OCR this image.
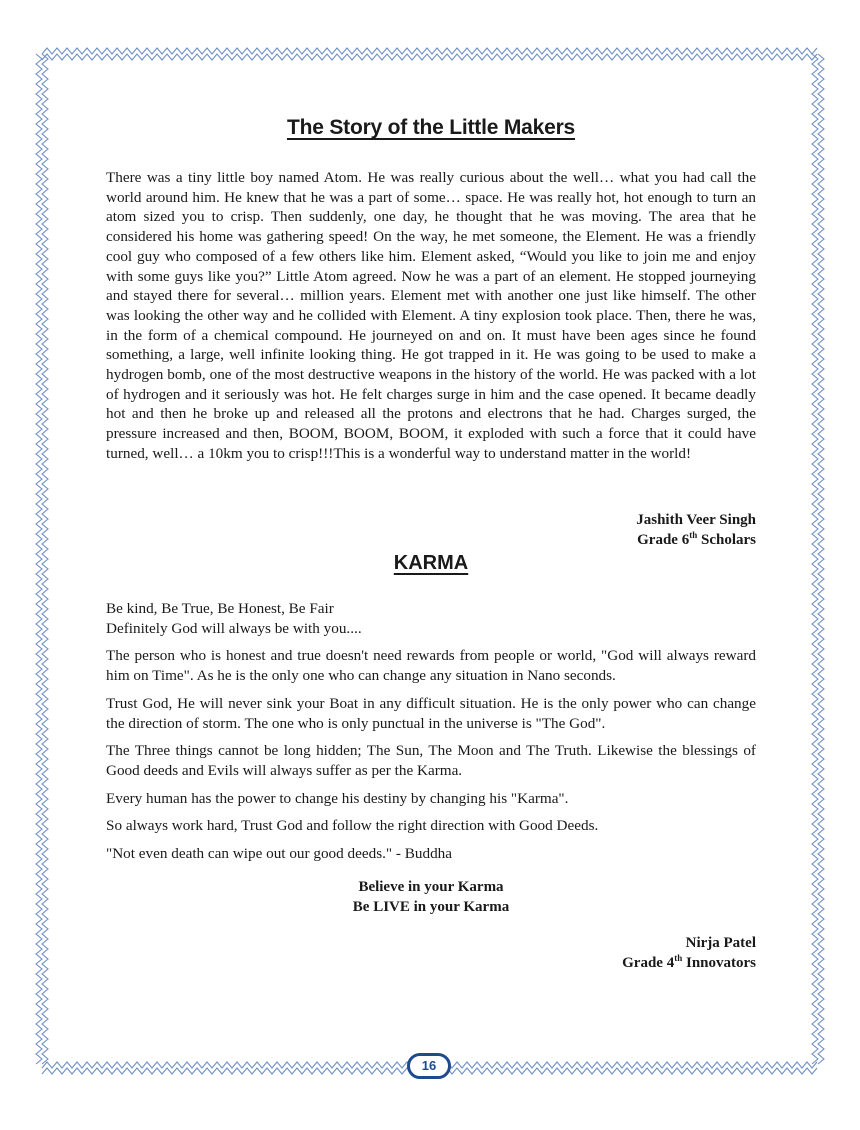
The Story of the Little Makers

There was a tiny little boy named Atom. He was really curious about the well… what you had call the world around him. He knew that he was a part of some… space. He was really hot, hot enough to turn an atom sized you to crisp. Then suddenly, one day, he thought that he was moving. The area that he considered his home was gathering speed! On the way, he met someone, the Element. He was a friendly cool guy who composed of a few others like him. Element asked, “Would you like to join me and enjoy with some guys like you?” Little Atom agreed. Now he was a part of an element. He stopped journeying and stayed there for several… million years. Element met with another one just like himself. The other was looking the other way and he collided with Element. A tiny explosion took place. Then, there he was, in the form of a chemical compound. He journeyed on and on. It must have been ages since he found something, a large, well infinite looking thing. He got trapped in it. He was going to be used to make a hydrogen bomb, one of the most destructive weapons in the history of the world. He was packed with a lot of hydrogen and it seriously was hot. He felt charges surge in him and the case opened. It became deadly hot and then he broke up and released all the protons and electrons that he had. Charges surged, the pressure increased and then, BOOM, BOOM, BOOM, it exploded with such a force that it could have turned, well… a 10km you to crisp!!!This is a wonderful way to understand matter in the world!

Jashith Veer Singh
Grade 6th Scholars
KARMA

Be kind, Be True, Be Honest, Be Fair
Definitely God will always be with you....

The person who is honest and true doesn't need rewards from people or world, "God will always reward him on Time". As he is the only one who can change any situation in Nano seconds.

Trust God, He will never sink your Boat in any difficult situation. He is the only power who can change the direction of storm. The one who is only punctual in the universe is "The God".

The Three things cannot be long hidden; The Sun, The Moon and The Truth. Likewise the blessings of Good deeds and Evils will always suffer as per the Karma.

Every human has the power to change his destiny by changing his "Karma".

So always work hard, Trust God and follow the right direction with Good Deeds.

"Not even death can wipe out our good deeds." - Buddha

Believe in your Karma
Be LIVE in your Karma
Nirja Patel
Grade 4th Innovators
16
